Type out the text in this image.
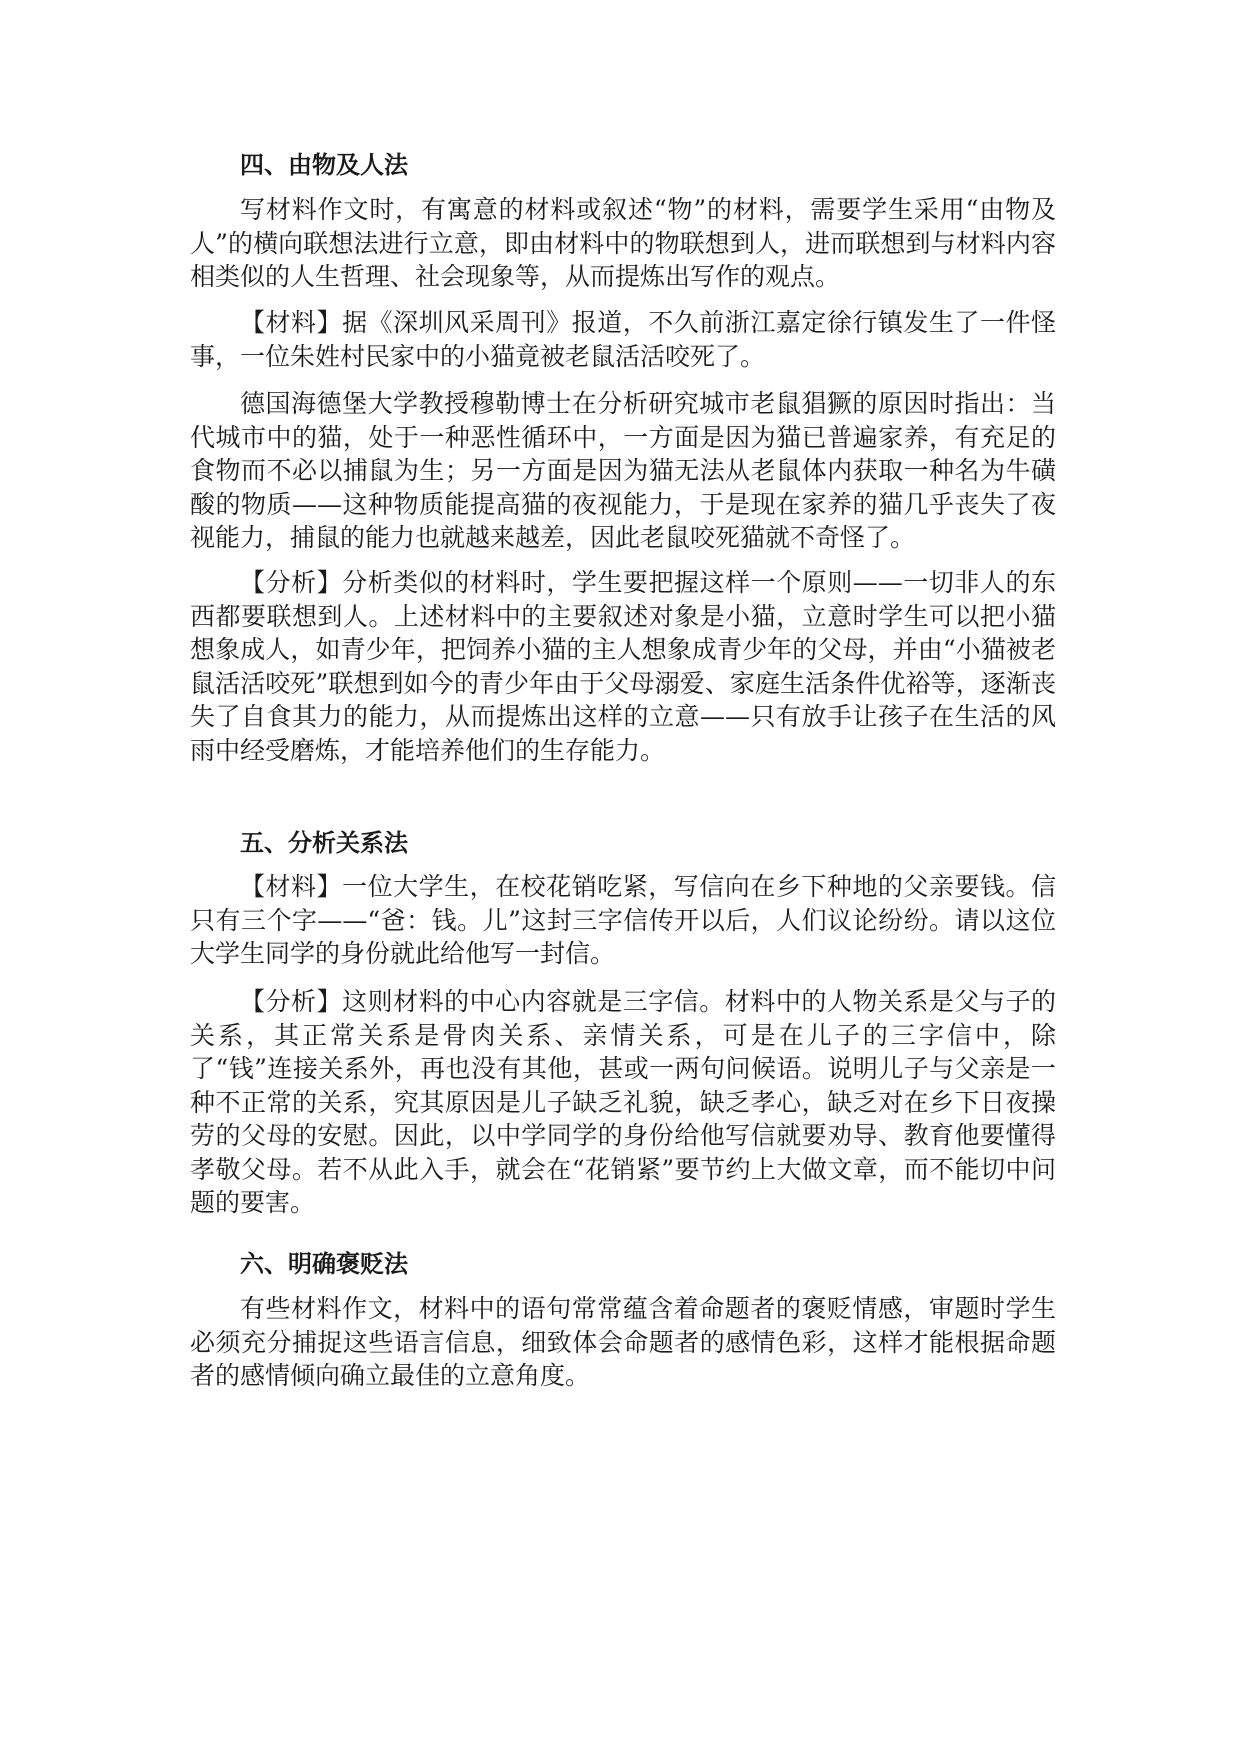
四、由物及人法

写材料作文时，有寓意的材料或叙述“物”的材料，需要学生采用“由物及人”的横向联想法进行立意，即由材料中的物联想到人，进而联想到与材料内容相类似的人生哲理、社会现象等，从而提炼出写作的观点。

【材料】据《深圳风采周刊》报道，不久前浙江嘉定徐行镇发生了一件怪事，一位朱姓村民家中的小猫竟被老鼠活活咬死了。

德国海德堡大学教授穆勒博士在分析研究城市老鼠猖獗的原因时指出：当代城市中的猫，处于一种恶性循环中，一方面是因为猫已普遍家养，有充足的食物而不必以捕鼠为生；另一方面是因为猫无法从老鼠体内获取一种名为牛磺酸的物质——这种物质能提高猫的夜视能力，于是现在家养的猫几乎丧失了夜视能力，捕鼠的能力也就越来越差，因此老鼠咬死猫就不奇怪了。

【分析】分析类似的材料时，学生要把握这样一个原则——一切非人的东西都要联想到人。上述材料中的主要叙述对象是小猫，立意时学生可以把小猫想象成人，如青少年，把饲养小猫的主人想象成青少年的父母，并由“小猫被老鼠活活咬死”联想到如今的青少年由于父母溺爱、家庭生活条件优裕等，逐渐丧失了自食其力的能力，从而提炼出这样的立意——只有放手让孩子在生活的风雨中经受磨炼，才能培养他们的生存能力。

五、分析关系法

【材料】一位大学生，在校花销吃紧，写信向在乡下种地的父亲要钱。信只有三个字——“爸：钱。儿”这封三字信传开以后，人们议论纷纷。请以这位大学生同学的身份就此给他写一封信。

【分析】这则材料的中心内容就是三字信。材料中的人物关系是父与子的关系，其正常关系是骨肉关系、亲情关系，可是在儿子的三字信中，除了“钱”连接关系外，再也没有其他，甚或一两句问候语。说明儿子与父亲是一种不正常的关系，究其原因是儿子缺乏礼貌，缺乏孝心，缺乏对在乡下日夜操劳的父母的安慰。因此，以中学同学的身份给他写信就要劝导、教育他要懂得孝敬父母。若不从此入手，就会在“花销紧”要节约上大做文章，而不能切中问题的要害。

六、明确褒贬法

有些材料作文，材料中的语句常常蕴含着命题者的褒贬情感，审题时学生必须充分捕捉这些语言信息，细致体会命题者的感情色彩，这样才能根据命题者的感情倾向确立最佳的立意角度。
